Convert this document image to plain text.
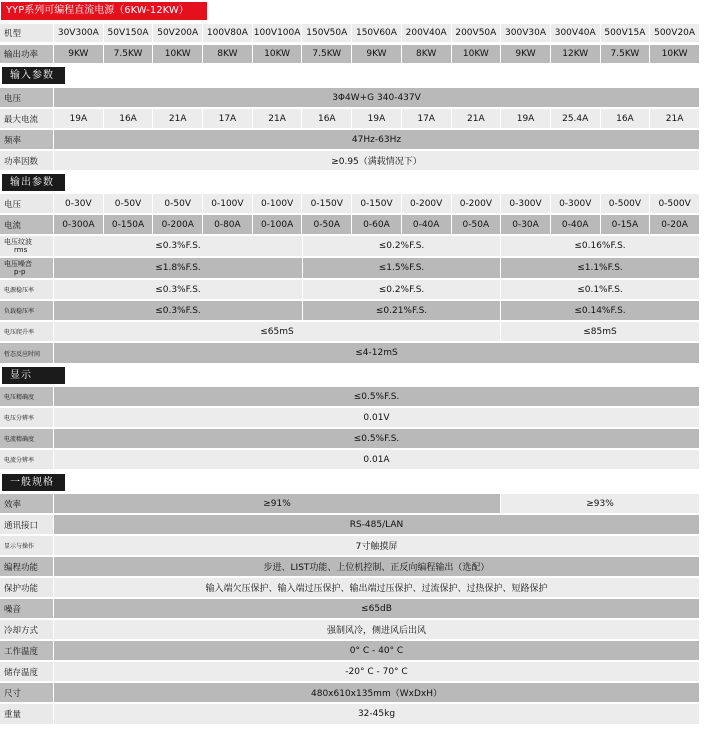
YYP系列可编程直流电源（6KW-12KW）
机型	30V300A 50V150A 50V200A 100V80A 100V100A 150V50A 150V60A 200V40A 200V50A 300V30A 300V40A 500V15A 500V20A
输出功率	9KW	7.5KW	10KW	8KW	10KW	7.5KW	9KW	8KW	10KW	9KW	12KW	7.5KW	10KW
输入参数
电压	3Φ4W+G 340-437V
最大电流	19A	16A	21A	17A	21A	16A	19A	17A	21A	19A	25.4A	16A	21A
频率	47Hz-63Hz
功率因数	≥0.95（满载情况下）
输出参数
电压	0-30V	0-50V	0-50V	0-100V	0-100V	0-150V	0-150V	0-200V	0-200V	0-300V	0-300V	0-500V	0-500V
电流	0-300A	0-150A	0-200A	0-80A	0-100A	0-50A	0-60A	0-40A	0-50A	0-30A	0-40A	0-15A	0-20A
电压纹波
rms	≤0.3%F.S.	≤0.2%F.S.	≤0.16%F.S.
电压噪音
p-p	≤1.8%F.S.	≤1.5%F.S.	≤1.1%F.S.
电源稳压率	≤0.3%F.S.	≤0.2%F.S.	≤0.1%F.S.
负载稳压率	≤0.3%F.S.	≤0.21%F.S.	≤0.14%F.S.
电压爬升率	≤65mS	≤85mS
暂态反应时间	≤4-12mS
显示
电压精确度	≤0.5%F.S.
电压分辨率	0.01V
电流精确度	≤0.5%F.S.
电流分辨率	0.01A
一般规格
效率	≥91%	≥93%
通讯接口	RS-485/LAN
显示与操作	7寸触摸屏
编程功能	步进、LIST功能、上位机控制、正反向编程输出（选配）
保护功能	输入端欠压保护、输入端过压保护、输出端过压保护、过流保护、过热保护、短路保护
噪音	≤65dB
冷却方式	强制风冷，侧进风后出风
工作温度	0° C - 40° C
储存温度	-20° C - 70° C
尺寸	480x610x135mm（WxDxH）
重量	32-45kg
